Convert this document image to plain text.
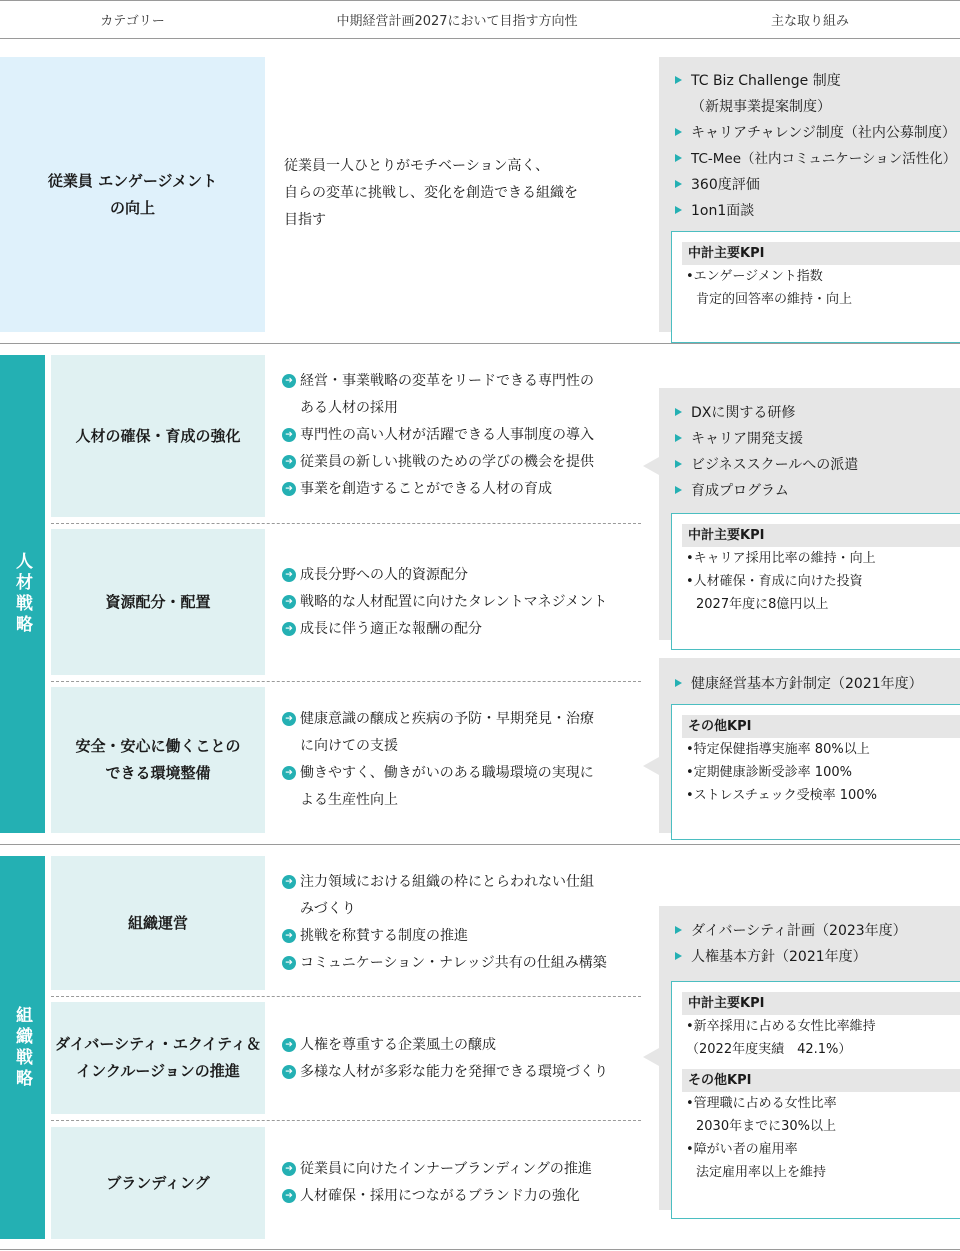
カテゴリー	中期経営計画2027において目指す方向性	主な取り組み
従業員 エンゲージメント
の向上
従業員一人ひとりがモチベーション高く、
自らの変革に挑戦し、変化を創造できる組織を
目指す
TC Biz Challenge 制度
（新規事業提案制度）
キャリアチャレンジ制度（社内公募制度）
TC-Mee（社内コミュニケーション活性化）
360度評価
1on1面談
中計主要KPI
•エンゲージメント指数
肯定的回答率の維持・向上
人材戦略
人材の確保・育成の強化
資源配分・配置
安全・安心に働くことの
できる環境整備
➔ 経営・事業戦略の変革をリードできる専門性の
ある人材の採用
➔ 専門性の高い人材が活躍できる人事制度の導入
➔ 従業員の新しい挑戦のための学びの機会を提供
➔ 事業を創造することができる人材の育成
➔ 成長分野への人的資源配分
➔ 戦略的な人材配置に向けたタレントマネジメント
➔ 成長に伴う適正な報酬の配分
➔ 健康意識の醸成と疾病の予防・早期発見・治療
に向けての支援
➔ 働きやすく、働きがいのある職場環境の実現に
よる生産性向上
DXに関する研修
キャリア開発支援
ビジネススクールへの派遣
育成プログラム
中計主要KPI
•キャリア採用比率の維持・向上
•人材確保・育成に向けた投資
2027年度に8億円以上
健康経営基本方針制定（2021年度）
その他KPI
•特定保健指導実施率 80%以上
•定期健康診断受診率 100%
•ストレスチェック受検率 100%
組織戦略
組織運営
ダイバーシティ・エクイティ＆
インクルージョンの推進
ブランディング
➔ 注力領域における組織の枠にとらわれない仕組
みづくり
➔ 挑戦を称賛する制度の推進
➔ コミュニケーション・ナレッジ共有の仕組み構築
➔ 人権を尊重する企業風土の醸成
➔ 多様な人材が多彩な能力を発揮できる環境づくり
➔ 従業員に向けたインナーブランディングの推進
➔ 人材確保・採用につながるブランド力の強化
ダイバーシティ計画（2023年度）
人権基本方針（2021年度）
中計主要KPI
•新卒採用に占める女性比率維持
（2022年度実績　42.1%）
その他KPI
•管理職に占める女性比率
2030年までに30%以上
•障がい者の雇用率
法定雇用率以上を維持
